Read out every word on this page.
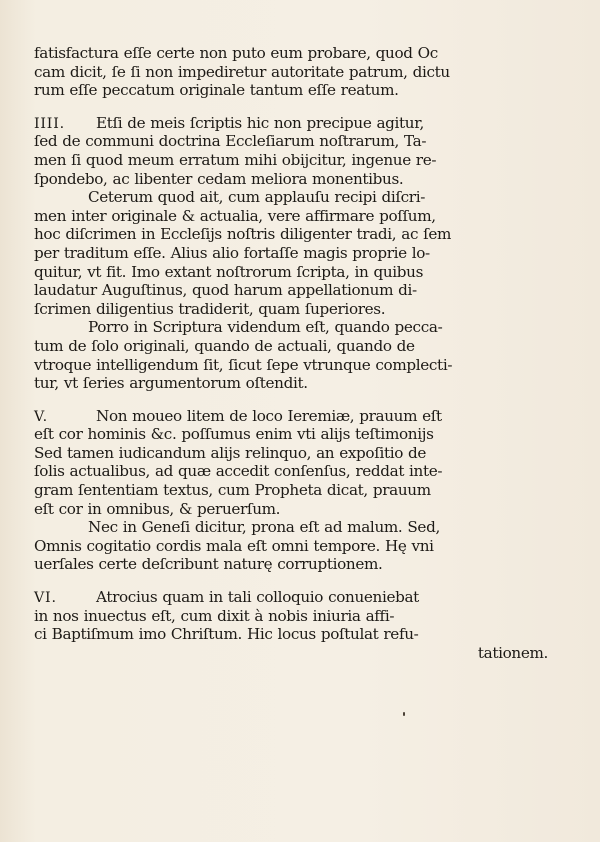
fatisfactura eſſe certe non puto eum probare, quod Oc
cam dicit, ſe ſi non impediretur autoritate patrum, dictu
rum eſſe peccatum originale tantum eſſe reatum.
IIII. Etſi de meis ſcriptis hic non precipue agitur,
ſed de communi doctrina Eccleſiarum noſtrarum, Ta-
men ſi quod meum erratum mihi obijcitur, ingenue re-
ſpondebo, ac libenter cedam meliora monentibus.
Ceterum quod ait, cum applauſu recipi diſcri-
men inter originale & actualia, vere affirmare poſſum,
hoc diſcrimen in Eccleſijs noſtris diligenter tradi, ac ſem
per traditum eſſe. Alius alio fortaſſe magis proprie lo-
quitur, vt fit. Imo extant noſtrorum ſcripta, in quibus
laudatur Auguſtinus, quod harum appellationum di-
ſcrimen diligentius tradiderit, quam ſuperiores.
Porro in Scriptura videndum eſt, quando pecca-
tum de ſolo originali, quando de actuali, quando de
vtroque intelligendum ſit, ſicut ſepe vtrunque complecti-
tur, vt ſeries argumentorum oſtendit.
V.	Non moueo litem de loco Ieremiæ, prauum eſt
eſt cor hominis &c. poſſumus enim vti alijs teſtimonijs
Sed tamen iudicandum alijs relinquo, an expoſitio de
ſolis actualibus, ad quæ accedit conſenſus, reddat inte-
gram ſententiam textus, cum Propheta dicat, prauum
eſt cor in omnibus, & peruerſum.
Nec in Geneſi dicitur, prona eſt ad malum. Sed,
Omnis cogitatio cordis mala eſt omni tempore. Hę vni
uerſales certe deſcribunt naturę corruptionem.
VI.	Atrocius quam in tali colloquio conueniebat
in nos inuectus eſt, cum dixit à nobis iniuria affi-
ci Baptiſmum imo Chriſtum. Hic locus poſtulat refu-
tationem.
